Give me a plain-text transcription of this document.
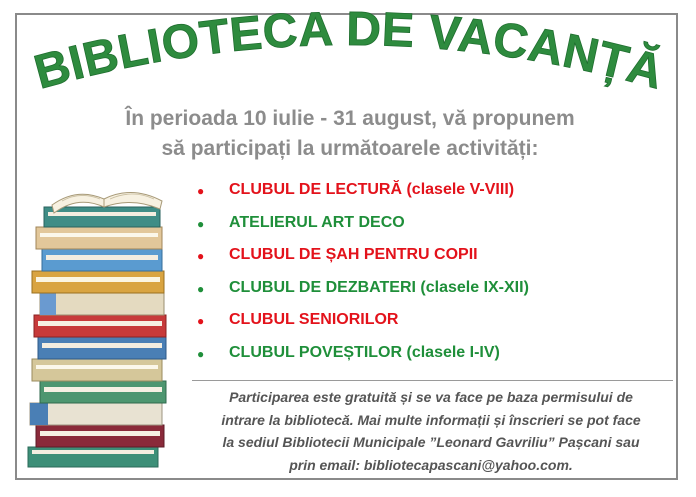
BIBLIOTECA DE VACANȚĂ
În perioada 10 iulie - 31 august, vă propunem
să participați la următoarele activități:
● CLUBUL DE LECTURĂ (clasele V-VIII)
● ATELIERUL ART DECO
● CLUBUL DE ȘAH PENTRU COPII
● CLUBUL DE DEZBATERI (clasele IX-XII)
● CLUBUL SENIORILOR
● CLUBUL POVEȘTILOR (clasele I-IV)
Participarea este gratuită și se va face pe baza permisului de
intrare la bibliotecă. Mai multe informații și înscrieri se pot face
la sediul Bibliotecii Municipale ”Leonard Gavriliu” Pașcani sau
prin email: bibliotecapascani@yahoo.com.
